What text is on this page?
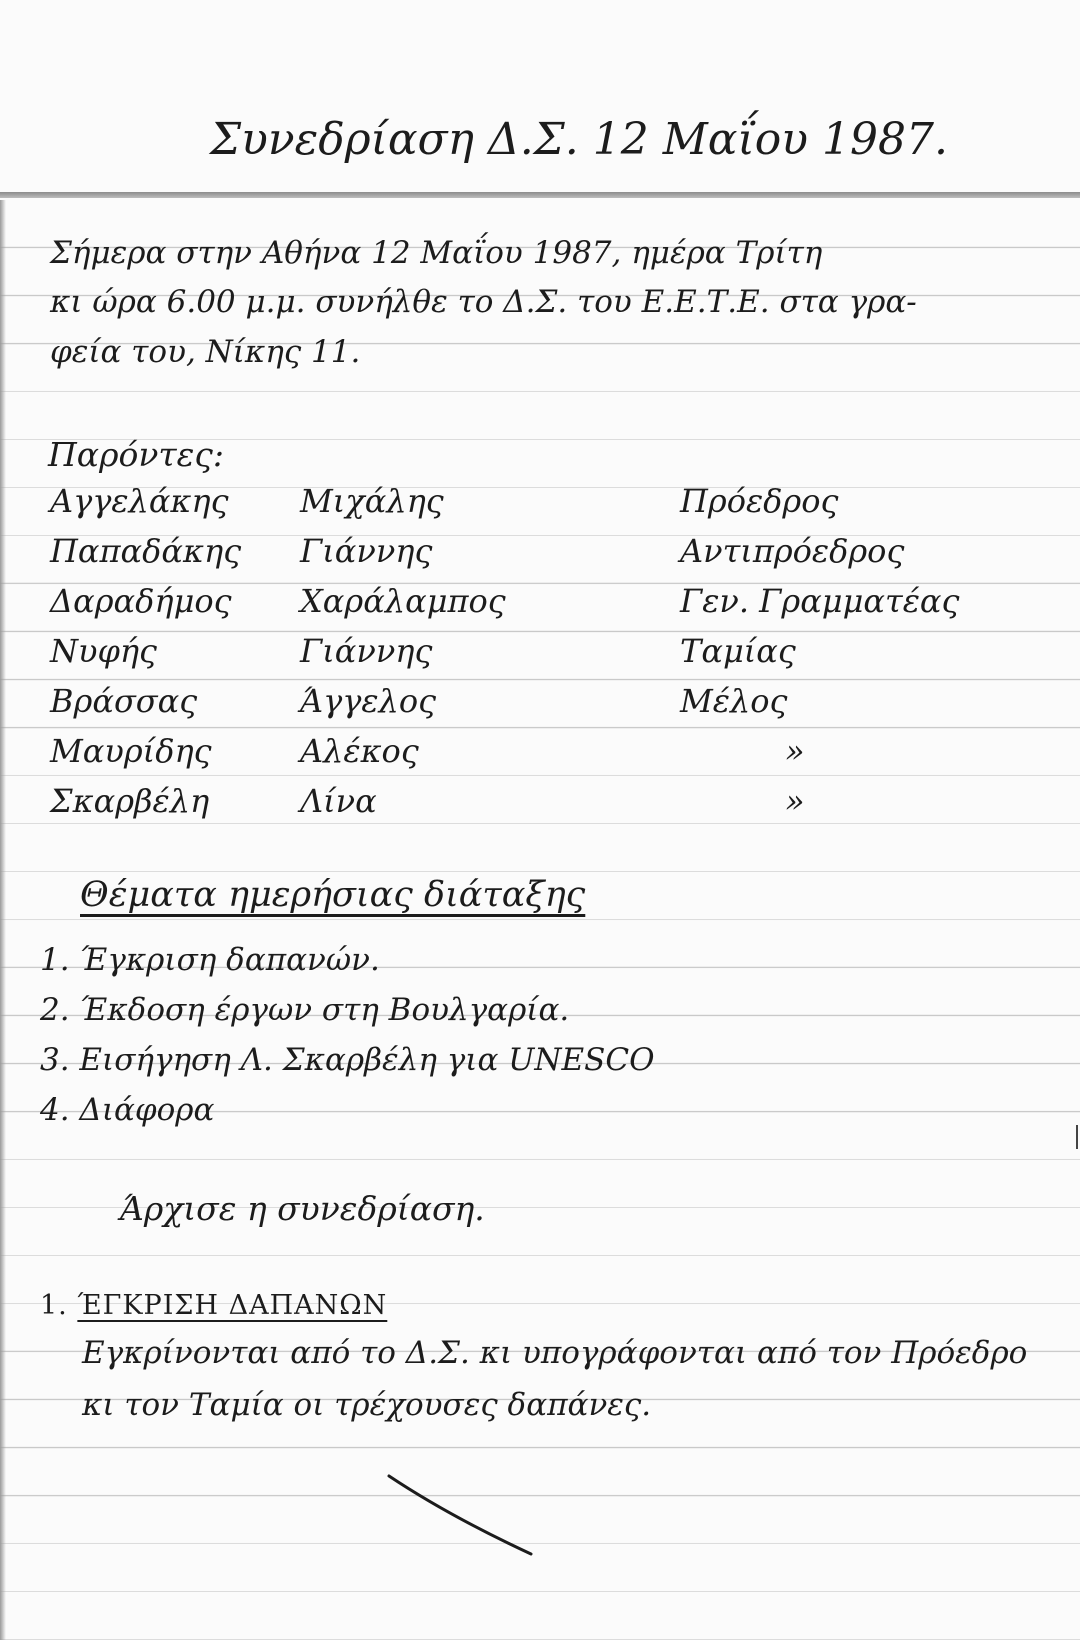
Συνεδρίαση Δ.Σ. 12 Μαΐου 1987.
Σήμερα στην Αθήνα 12 Μαΐου 1987, ημέρα Τρίτη
κι ώρα 6.00 μ.μ. συνήλθε το Δ.Σ. του Ε.Ε.Τ.Ε. στα γρα-
φεία του, Νίκης 11.
Παρόντες:
Αγγελάκης Μιχάλης	Πρόεδρος
Παπαδάκης Γιάννης	Αντιπρόεδρος
Δαραδήμος Χαράλαμπος	Γεν. Γραμματέας
Νυφής	Γιάννης	Ταμίας
Βράσσας	Άγγελος	Μέλος
Μαυρίδης	Αλέκος	»
Σκαρβέλη	Λίνα	»
Θέματα ημερήσιας διάταξης
1. Έγκριση δαπανών.
2. Έκδοση έργων στη Βουλγαρία.
3. Εισήγηση Λ. Σκαρβέλη για UNESCO
4. Διάφορα
Άρχισε η συνεδρίαση.
1. ΈΓΚΡΙΣΗ ΔΑΠΑΝΩΝ
Εγκρίνονται από το Δ.Σ. κι υπογράφονται από τον Πρόεδρο
κι τον Ταμία οι τρέχουσες δαπάνες.
